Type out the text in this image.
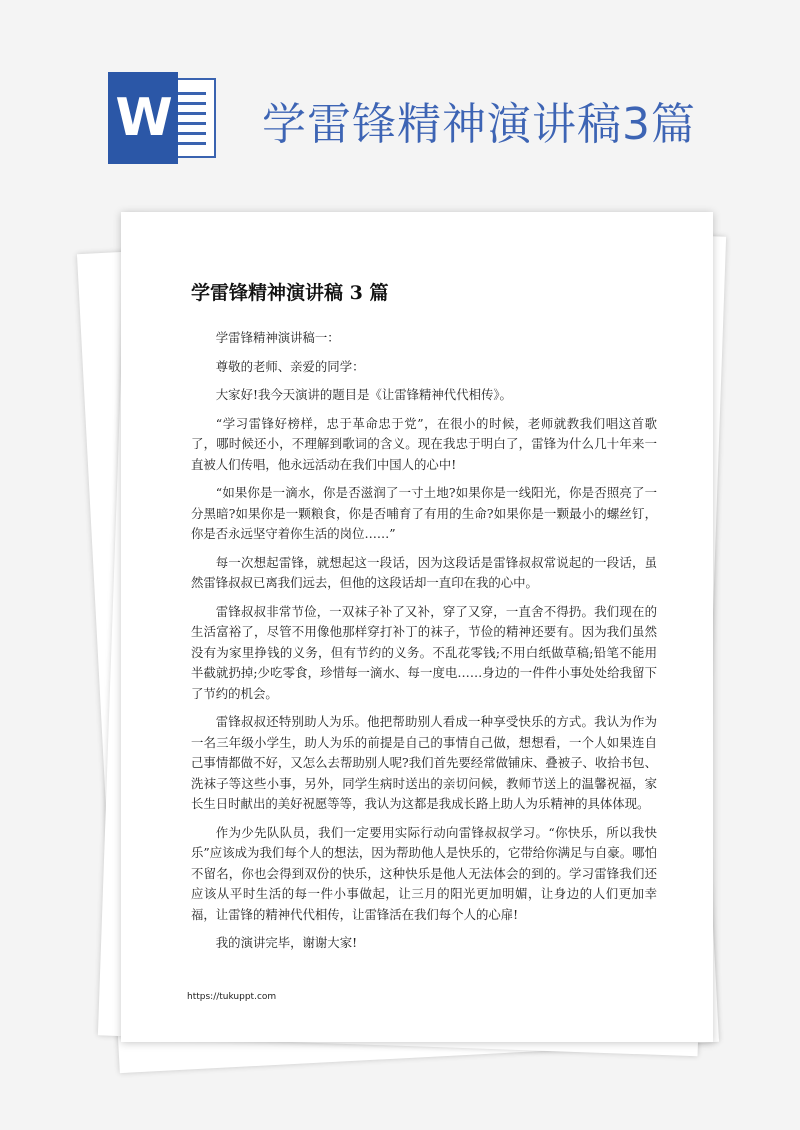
W 学雷锋精神演讲稿3篇
学雷锋精神演讲稿 3 篇

学雷锋精神演讲稿一：

尊敬的老师、亲爱的同学：

大家好!我今天演讲的题目是《让雷锋精神代代相传》。

“学习雷锋好榜样，忠于革命忠于党”，在很小的时候，老师就教我们唱这首歌了，哪时候还小，不理解到歌词的含义。现在我忠于明白了，雷锋为什么几十年来一直被人们传唱，他永远活动在我们中国人的心中!

“如果你是一滴水，你是否滋润了一寸土地?如果你是一线阳光，你是否照亮了一分黑暗?如果你是一颗粮食，你是否哺育了有用的生命?如果你是一颗最小的螺丝钉，你是否永远坚守着你生活的岗位……”

每一次想起雷锋，就想起这一段话，因为这段话是雷锋叔叔常说起的一段话，虽然雷锋叔叔已离我们远去，但他的这段话却一直印在我的心中。

雷锋叔叔非常节俭，一双袜子补了又补，穿了又穿，一直舍不得扔。我们现在的生活富裕了，尽管不用像他那样穿打补丁的袜子，节俭的精神还要有。因为我们虽然没有为家里挣钱的义务，但有节约的义务。不乱花零钱;不用白纸做草稿;铅笔不能用半截就扔掉;少吃零食，珍惜每一滴水、每一度电……身边的一件件小事处处给我留下了节约的机会。

雷锋叔叔还特别助人为乐。他把帮助别人看成一种享受快乐的方式。我认为作为一名三年级小学生，助人为乐的前提是自己的事情自己做，想想看，一个人如果连自己事情都做不好，又怎么去帮助别人呢?我们首先要经常做铺床、叠被子、收拾书包、洗袜子等这些小事，另外，同学生病时送出的亲切问候，教师节送上的温馨祝福，家长生日时献出的美好祝愿等等，我认为这都是我成长路上助人为乐精神的具体体现。

作为少先队队员，我们一定要用实际行动向雷锋叔叔学习。“你快乐，所以我快乐”应该成为我们每个人的想法，因为帮助他人是快乐的，它带给你满足与自豪。哪怕不留名，你也会得到双份的快乐，这种快乐是他人无法体会的到的。学习雷锋我们还应该从平时生活的每一件小事做起，让三月的阳光更加明媚，让身边的人们更加幸福，让雷锋的精神代代相传，让雷锋活在我们每个人的心扉!

我的演讲完毕，谢谢大家!

https://tukuppt.com
